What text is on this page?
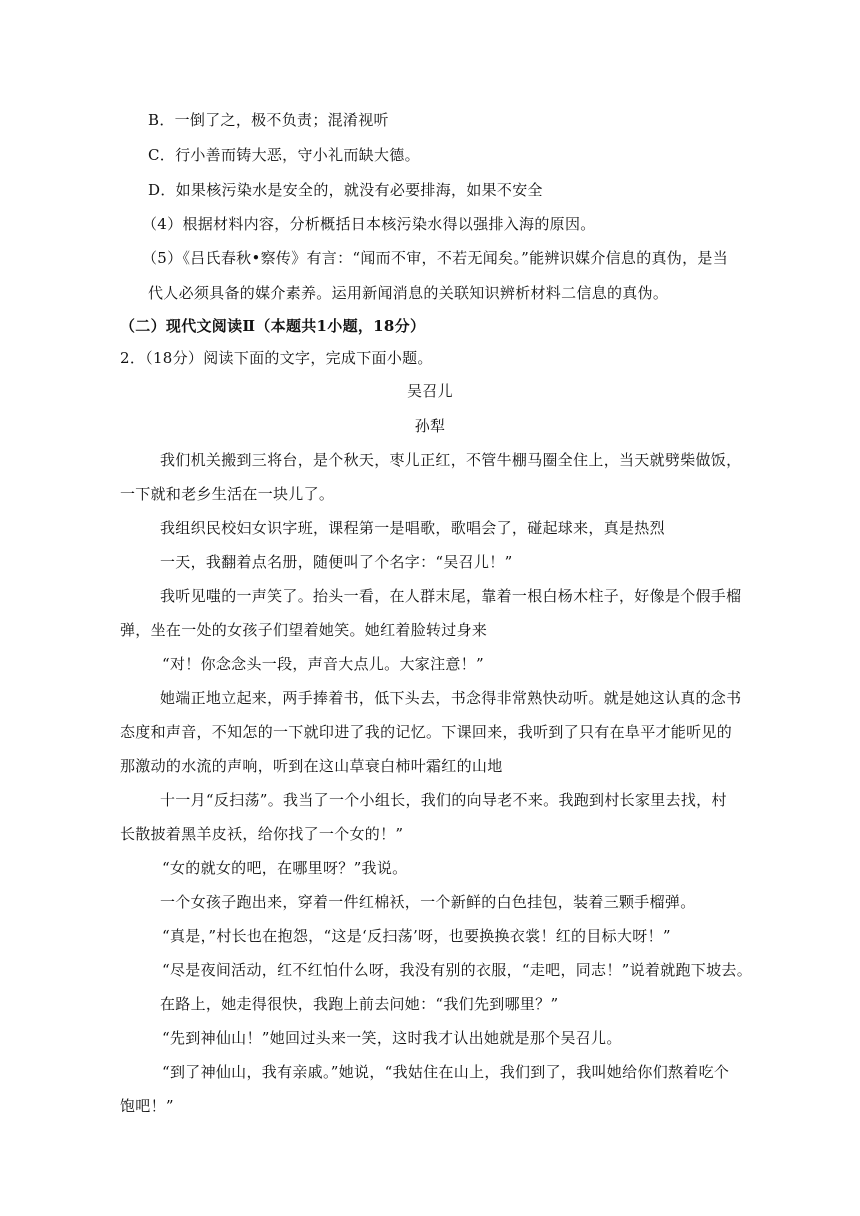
B．一倒了之，极不负责；混淆视听
C．行小善而铸大恶，守小礼而缺大德。
D．如果核污染水是安全的，就没有必要排海，如果不安全
（4）根据材料内容，分析概括日本核污染水得以强排入海的原因。
（5）《吕氏春秋•察传》有言：“闻而不审，不若无闻矣。”能辨识媒介信息的真伪，是当
代人必须具备的媒介素养。运用新闻消息的关联知识辨析材料二信息的真伪。
（二）现代文阅读Ⅱ（本题共1小题，18分）
2．（18分）阅读下面的文字，完成下面小题。
吴召儿
孙犁
我们机关搬到三将台，是个秋天，枣儿正红，不管牛棚马圈全住上，当天就劈柴做饭，
一下就和老乡生活在一块儿了。
我组织民校妇女识字班，课程第一是唱歌，歌唱会了，碰起球来，真是热烈
一天，我翻着点名册，随便叫了个名字：“吴召儿！”
我听见嗤的一声笑了。抬头一看，在人群末尾，靠着一根白杨木柱子，好像是个假手榴
弹，坐在一处的女孩子们望着她笑。她红着脸转过身来
“对！你念念头一段，声音大点儿。大家注意！”
她端正地立起来，两手捧着书，低下头去，书念得非常熟快动听。就是她这认真的念书
态度和声音，不知怎的一下就印进了我的记忆。下课回来，我听到了只有在阜平才能听见的
那激动的水流的声响，听到在这山草衰白柿叶霜红的山地
十一月“反扫荡”。我当了一个小组长，我们的向导老不来。我跑到村长家里去找，村
长散披着黑羊皮袄，给你找了一个女的！”
“女的就女的吧，在哪里呀？”我说。
一个女孩子跑出来，穿着一件红棉袄，一个新鲜的白色挂包，装着三颗手榴弹。
“真是，”村长也在抱怨，“这是‘反扫荡’呀，也要换换衣裳！红的目标大呀！”
“尽是夜间活动，红不红怕什么呀，我没有别的衣服，“走吧，同志！”说着就跑下坡去。
在路上，她走得很快，我跑上前去问她：“我们先到哪里？”
“先到神仙山！”她回过头来一笑，这时我才认出她就是那个吴召儿。
“到了神仙山，我有亲戚。”她说，“我姑住在山上，我们到了，我叫她给你们熬着吃个
饱吧！”
